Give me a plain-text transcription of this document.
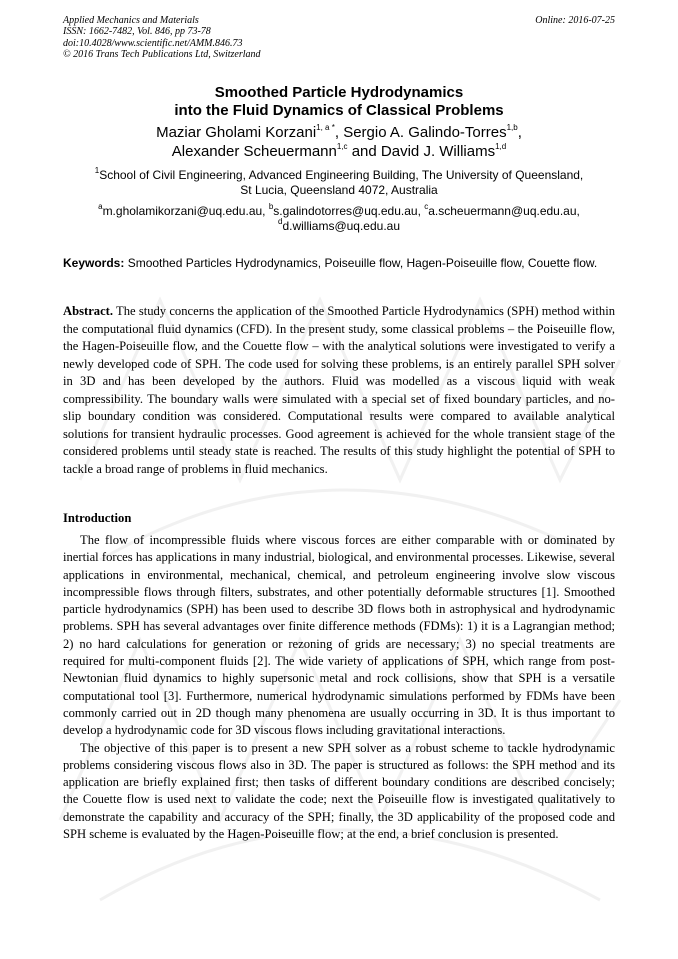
Applied Mechanics and Materials
ISSN: 1662-7482, Vol. 846, pp 73-78
doi:10.4028/www.scientific.net/AMM.846.73
© 2016 Trans Tech Publications Ltd, Switzerland
Online: 2016-07-25
Smoothed Particle Hydrodynamics
into the Fluid Dynamics of Classical Problems
Maziar Gholami Korzani$^{1, a *}$, Sergio A. Galindo-Torres$^{1,b}$,
Alexander Scheuermann$^{1,c}$ and David J. Williams$^{1,d}$
$^1$School of Civil Engineering, Advanced Engineering Building, The University of Queensland,
St Lucia, Queensland 4072, Australia
$^a$m.gholamikorzani@uq.edu.au, $^b$s.galindotorres@uq.edu.au, $^c$a.scheuermann@uq.edu.au,
$^d$d.williams@uq.edu.au
Keywords: Smoothed Particles Hydrodynamics, Poiseuille flow, Hagen-Poiseuille flow, Couette flow.
Abstract. The study concerns the application of the Smoothed Particle Hydrodynamics (SPH) method within the computational fluid dynamics (CFD). In the present study, some classical problems – the Poiseuille flow, the Hagen-Poiseuille flow, and the Couette flow – with the analytical solutions were investigated to verify a newly developed code of SPH. The code used for solving these problems, is an entirely parallel SPH solver in 3D and has been developed by the authors. Fluid was modelled as a viscous liquid with weak compressibility. The boundary walls were simulated with a special set of fixed boundary particles, and no-slip boundary condition was considered. Computational results were compared to available analytical solutions for transient hydraulic processes. Good agreement is achieved for the whole transient stage of the considered problems until steady state is reached. The results of this study highlight the potential of SPH to tackle a broad range of problems in fluid mechanics.
Introduction

The flow of incompressible fluids where viscous forces are either comparable with or dominated by inertial forces has applications in many industrial, biological, and environmental processes. Likewise, several applications in environmental, mechanical, chemical, and petroleum engineering involve slow viscous incompressible flows through filters, substrates, and other potentially deformable structures [1]. Smoothed particle hydrodynamics (SPH) has been used to describe 3D flows both in astrophysical and hydrodynamic problems. SPH has several advantages over finite difference methods (FDMs): 1) it is a Lagrangian method; 2) no hard calculations for generation or rezoning of grids are necessary; 3) no special treatments are required for multi-component fluids [2]. The wide variety of applications of SPH, which range from post-Newtonian fluid dynamics to highly supersonic metal and rock collisions, show that SPH is a versatile computational tool [3]. Furthermore, numerical hydrodynamic simulations performed by FDMs have been commonly carried out in 2D though many phenomena are usually occurring in 3D. It is thus important to develop a hydrodynamic code for 3D viscous flows including gravitational interactions.

The objective of this paper is to present a new SPH solver as a robust scheme to tackle hydrodynamic problems considering viscous flows also in 3D. The paper is structured as follows: the SPH method and its application are briefly explained first; then tasks of different boundary conditions are described concisely; the Couette flow is used next to validate the code; next the Poiseuille flow is investigated qualitatively to demonstrate the capability and accuracy of the SPH; finally, the 3D applicability of the proposed code and SPH scheme is evaluated by the Hagen-Poiseuille flow; at the end, a brief conclusion is presented.
